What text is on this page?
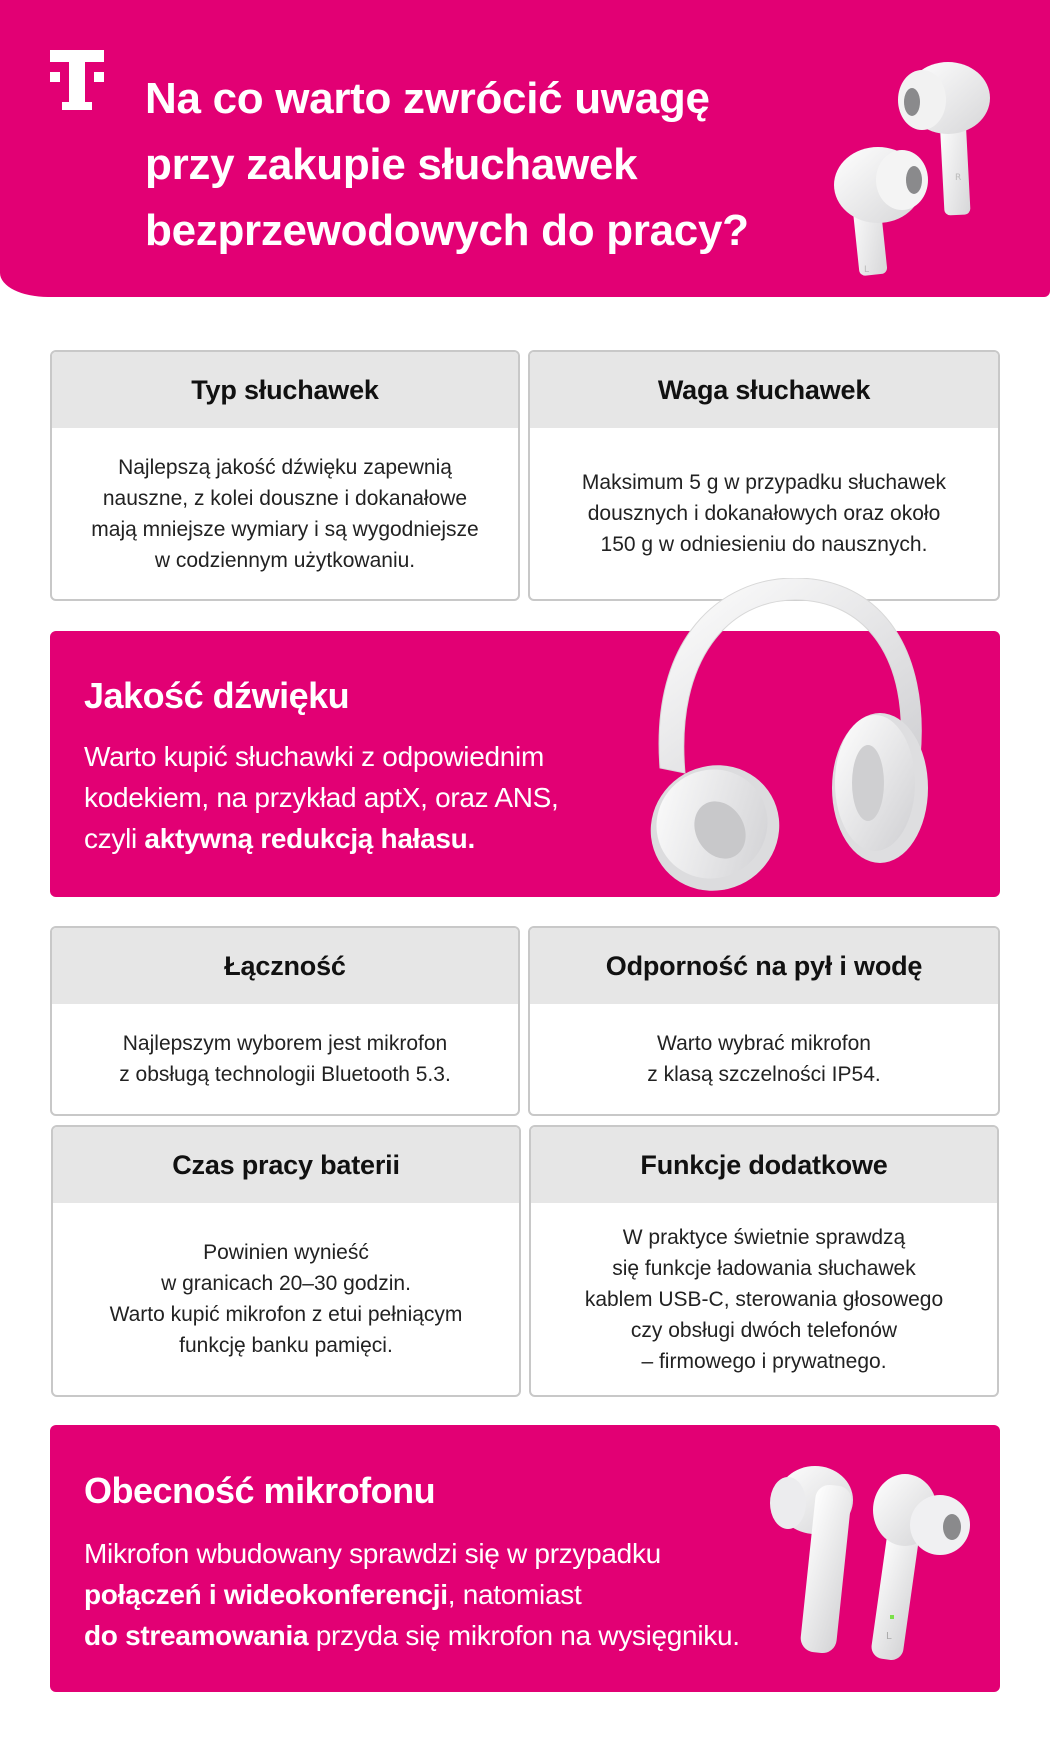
Na co warto zwrócić uwagę
przy zakupie słuchawek
bezprzewodowych do pracy?
R
L
Typ słuchawek
Najlepszą jakość dźwięku zapewnią
nauszne, z kolei douszne i dokanałowe
mają mniejsze wymiary i są wygodniejsze
w codziennym użytkowaniu.
Waga słuchawek
Maksimum 5 g w przypadku słuchawek
dousznych i dokanałowych oraz około
150 g w odniesieniu do nausznych.
Jakość dźwięku
Warto kupić słuchawki z odpowiednim
kodekiem, na przykład aptX, oraz ANS,
czyli aktywną redukcją hałasu.
Łączność
Najlepszym wyborem jest mikrofon
z obsługą technologii Bluetooth 5.3.
Odporność na pył i wodę
Warto wybrać mikrofon
z klasą szczelności IP54.
Czas pracy baterii
Powinien wynieść
w granicach 20–30 godzin.
Warto kupić mikrofon z etui pełniącym
funkcję banku pamięci.
Funkcje dodatkowe
W praktyce świetnie sprawdzą
się funkcje ładowania słuchawek
kablem USB-C, sterowania głosowego
czy obsługi dwóch telefonów
– firmowego i prywatnego.
Obecność mikrofonu
Mikrofon wbudowany sprawdzi się w przypadku
połączeń i wideokonferencji, natomiast
do streamowania przyda się mikrofon na wysięgniku.	L
